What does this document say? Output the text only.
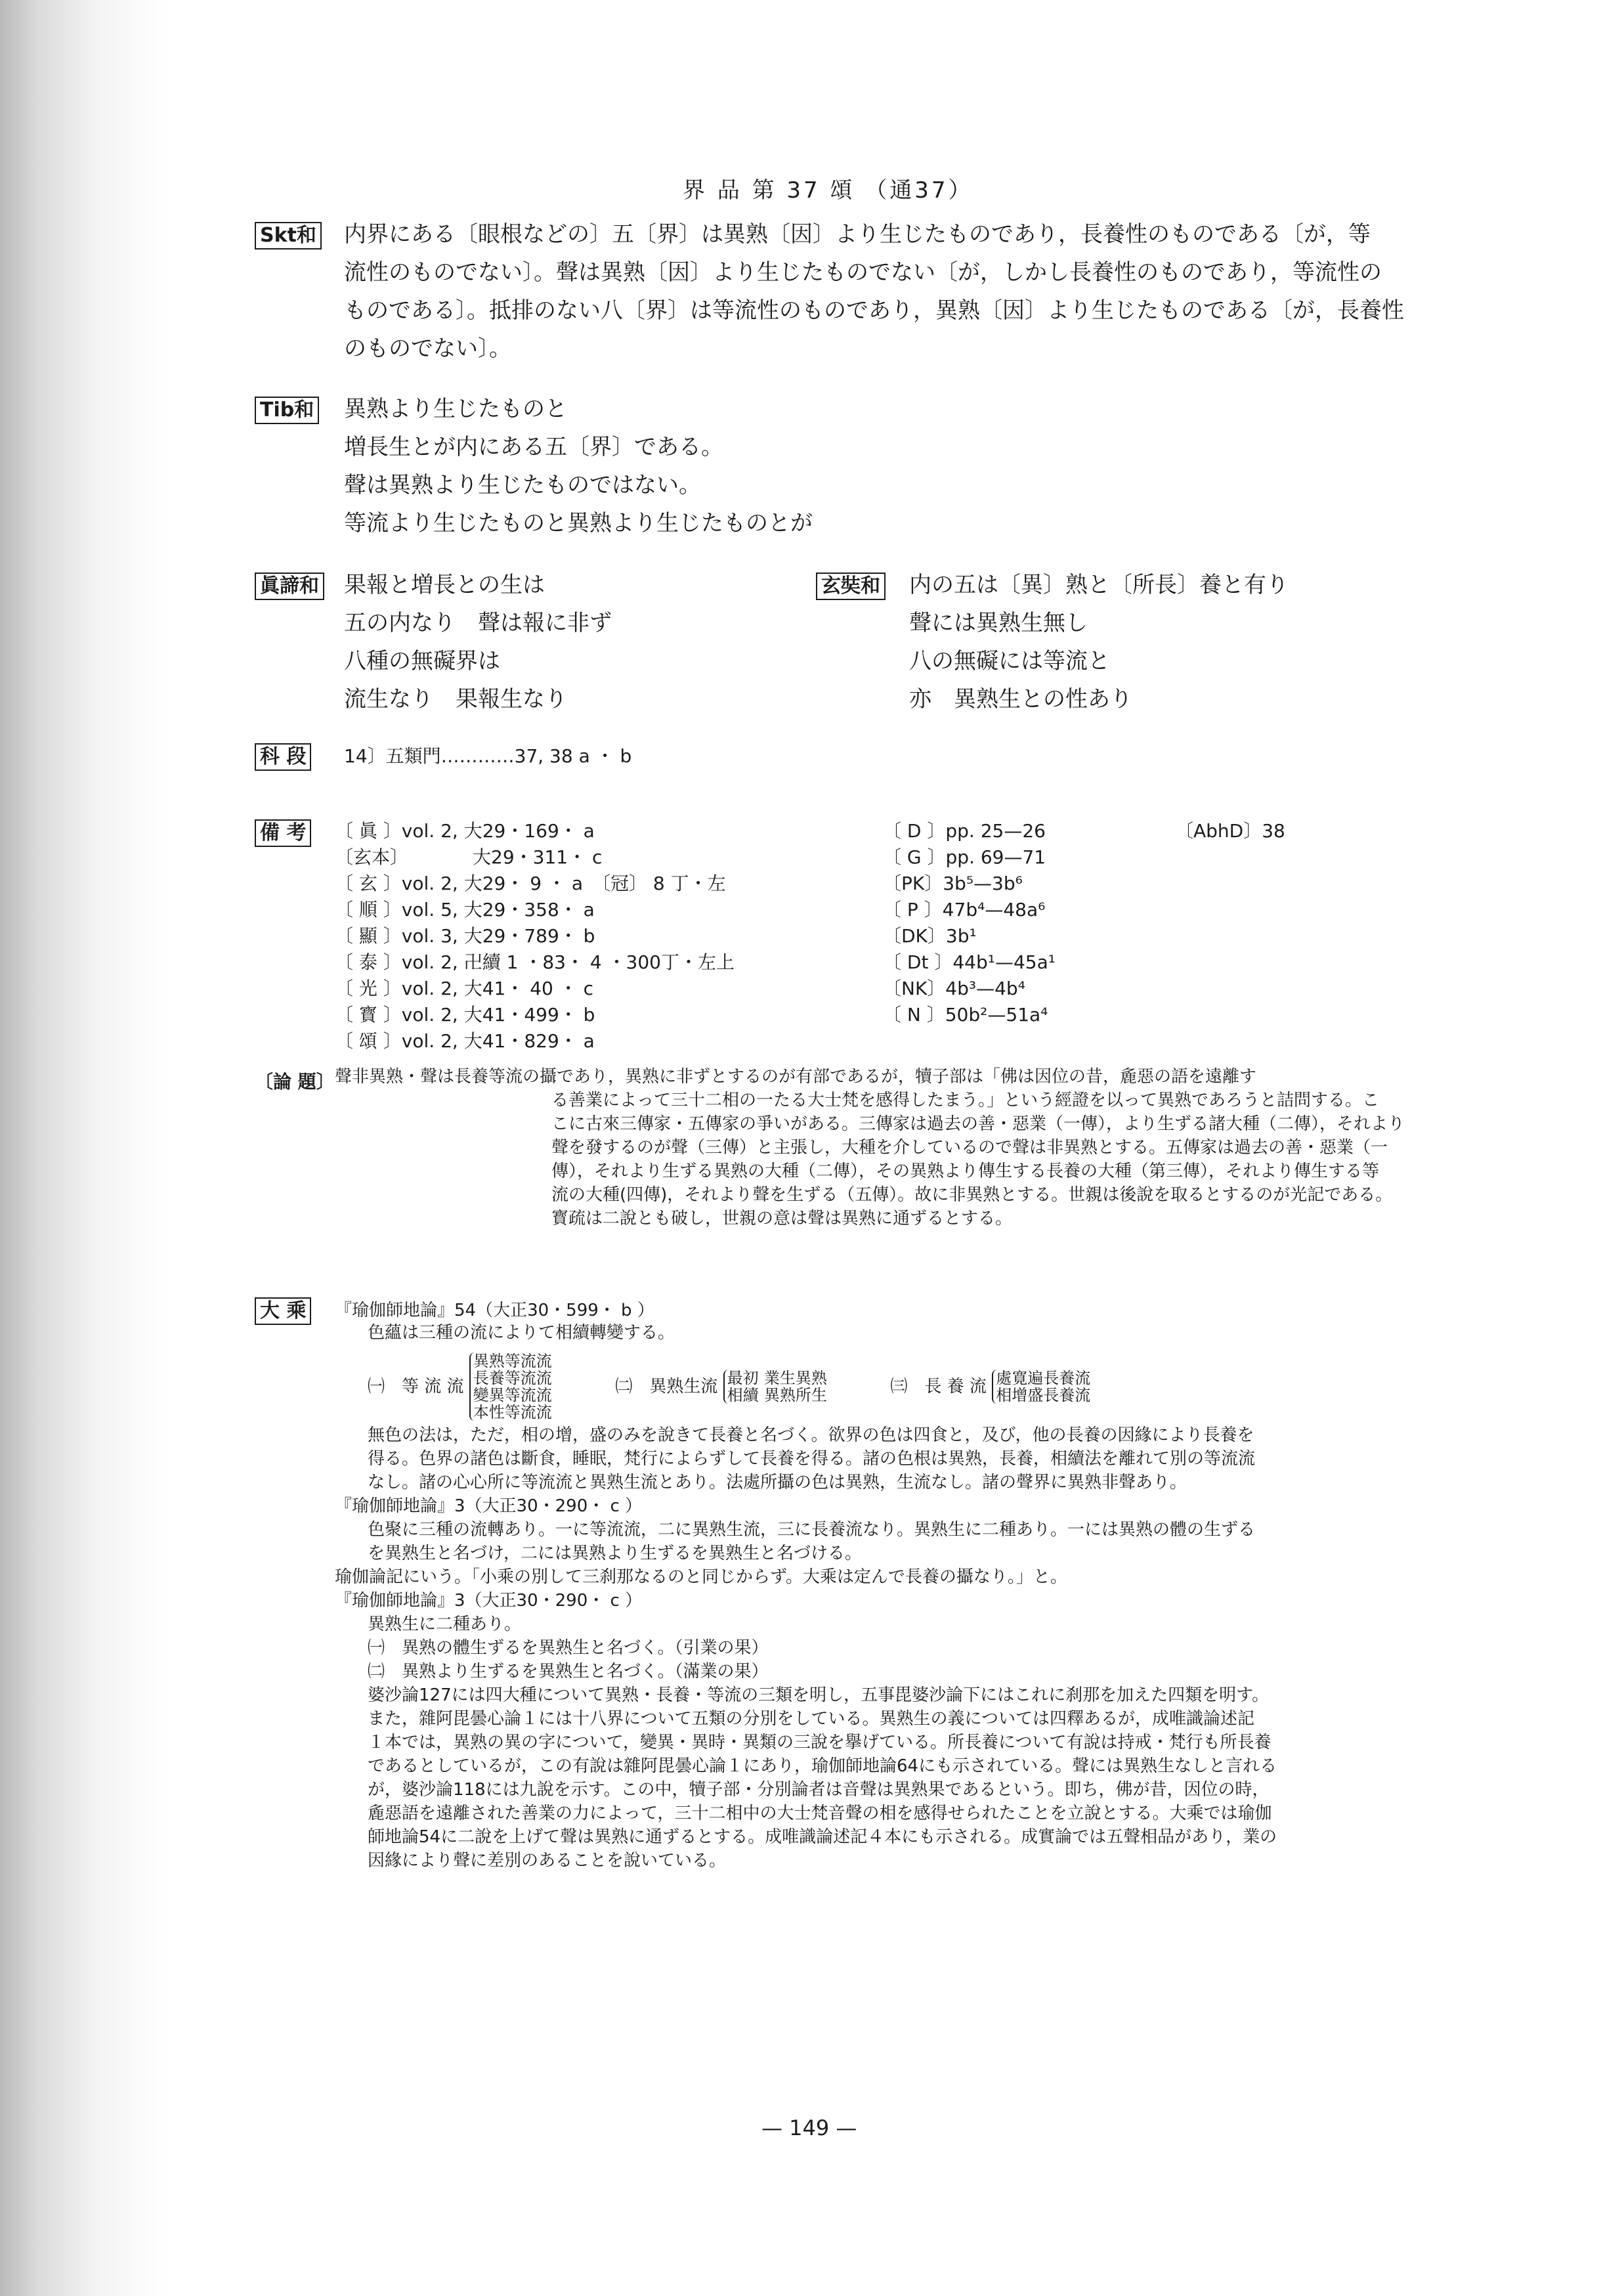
界 品 第 37 頌 （通37）
Skt和 内界にある〔眼根などの〕五〔界〕は異熟〔因〕より生じたものであり，長養性のものである〔が，等
流性のものでない〕。聲は異熟〔因〕より生じたものでない〔が，しかし長養性のものであり，等流性の
ものである〕。抵排のない八〔界〕は等流性のものであり，異熟〔因〕より生じたものである〔が，長養性
のものでない〕。
Tib和 異熟より生じたものと
増長生とが内にある五〔界〕である。
聲は異熟より生じたものではない。
等流より生じたものと異熟より生じたものとが
眞諦和 果報と増長との生は
五の内なり　聲は報に非ず
八種の無礙界は
流生なり　果報生なり
玄奘和 内の五は〔異〕熟と〔所長〕養と有り
聲には異熟生無し
八の無礙には等流と
亦　異熟生との性あり
科 段 14〕五類門…………37, 38 a ・ b
備 考 〔 眞 〕vol. 2, 大29・169・ a
〔玄本〕　　　　大29・311・ c
〔 玄 〕vol. 2, 大29・ 9 ・ a　〔冠〕 8 丁・左
〔 順 〕vol. 5, 大29・358・ a
〔 顯 〕vol. 3, 大29・789・ b
〔 泰 〕vol. 2, 卍續 1 ・83・ 4 ・300丁・左上
〔 光 〕vol. 2, 大41・ 40 ・ c
〔 寳 〕vol. 2, 大41・499・ b
〔 頌 〕vol. 2, 大41・829・ a
〔 D 〕pp. 25—26
〔 G 〕pp. 69—71
〔PK〕3b⁵—3b⁶
〔 P 〕47b⁴—48a⁶
〔DK〕3b¹
〔 Dt 〕44b¹—45a¹
〔NK〕4b³—4b⁴
〔 N 〕50b²—51a⁴
〔AbhD〕38
〔論 題〕 聲非異熟・聲は長養等流の攝であり，異熟に非ずとするのが有部であるが，犢子部は「佛は因位の昔，麁惡の語を遠離す
る善業によって三十二相の一たる大士梵を感得したまう。」という經證を以って異熟であろうと詰問する。こ
こに古來三傳家・五傳家の爭いがある。三傳家は過去の善・惡業（一傳），より生ずる諸大種（二傳），それより
聲を發するのが聲（三傳）と主張し，大種を介しているので聲は非異熟とする。五傳家は過去の善・惡業（一
傳），それより生ずる異熟の大種（二傳），その異熟より傳生する長養の大種（第三傳），それより傳生する等
流の大種(四傳)，それより聲を生ずる（五傳）。故に非異熟とする。世親は後說を取るとするのが光記である。
寳疏は二說とも破し，世親の意は聲は異熟に通ずるとする。
大 乘	『瑜伽師地論』54（大正30・599・ b ）
色蘊は三種の流によりて相續轉變する。
㈠　等 流 流
異熟等流流
長養等流流
變異等流流
本性等流流
㈡　異熟生流 最初
相續

業生異熟
異熟所生	㈢　長 養 流 處寛遍長養流
相增盛長養流
無色の法は，ただ，相の增，盛のみを說きて長養と名づく。欲界の色は四食と，及び，他の長養の因緣により長養を
得る。色界の諸色は斷食，睡眠，梵行によらずして長養を得る。諸の色根は異熟，長養，相續法を離れて別の等流流
なし。諸の心心所に等流流と異熟生流とあり。法處所攝の色は異熟，生流なし。諸の聲界に異熟非聲あり。
『瑜伽師地論』3（大正30・290・ c ）
色聚に三種の流轉あり。一に等流流，二に異熟生流，三に長養流なり。異熟生に二種あり。一には異熟の體の生ずる
を異熟生と名づけ，二には異熟より生ずるを異熟生と名づける。
瑜伽論記にいう。「小乘の別して三刹那なるのと同じからず。大乘は定んで長養の攝なり。」と。
『瑜伽師地論』3（大正30・290・ c ）
異熟生に二種あり。
㈠　異熟の體生ずるを異熟生と名づく。（引業の果）
㈡　異熟より生ずるを異熟生と名づく。（滿業の果）
婆沙論127には四大種について異熟・長養・等流の三類を明し，五事毘婆沙論下にはこれに刹那を加えた四類を明す。
また，雜阿毘曇心論１には十八界について五類の分別をしている。異熟生の義については四釋あるが，成唯識論述記
１本では，異熟の異の字について，變異・異時・異類の三說を擧げている。所長養について有說は持戒・梵行も所長養
であるとしているが，この有說は雜阿毘曇心論１にあり，瑜伽師地論64にも示されている。聲には異熟生なしと言れる
が，婆沙論118には九說を示す。この中，犢子部・分別論者は音聲は異熟果であるという。即ち，佛が昔，因位の時，
麁惡語を遠離された善業の力によって，三十二相中の大士梵音聲の相を感得せられたことを立說とする。大乘では瑜伽
師地論54に二說を上げて聲は異熟に通ずるとする。成唯識論述記４本にも示される。成實論では五聲相品があり，業の
因緣により聲に差別のあることを說いている。
— 149 —
